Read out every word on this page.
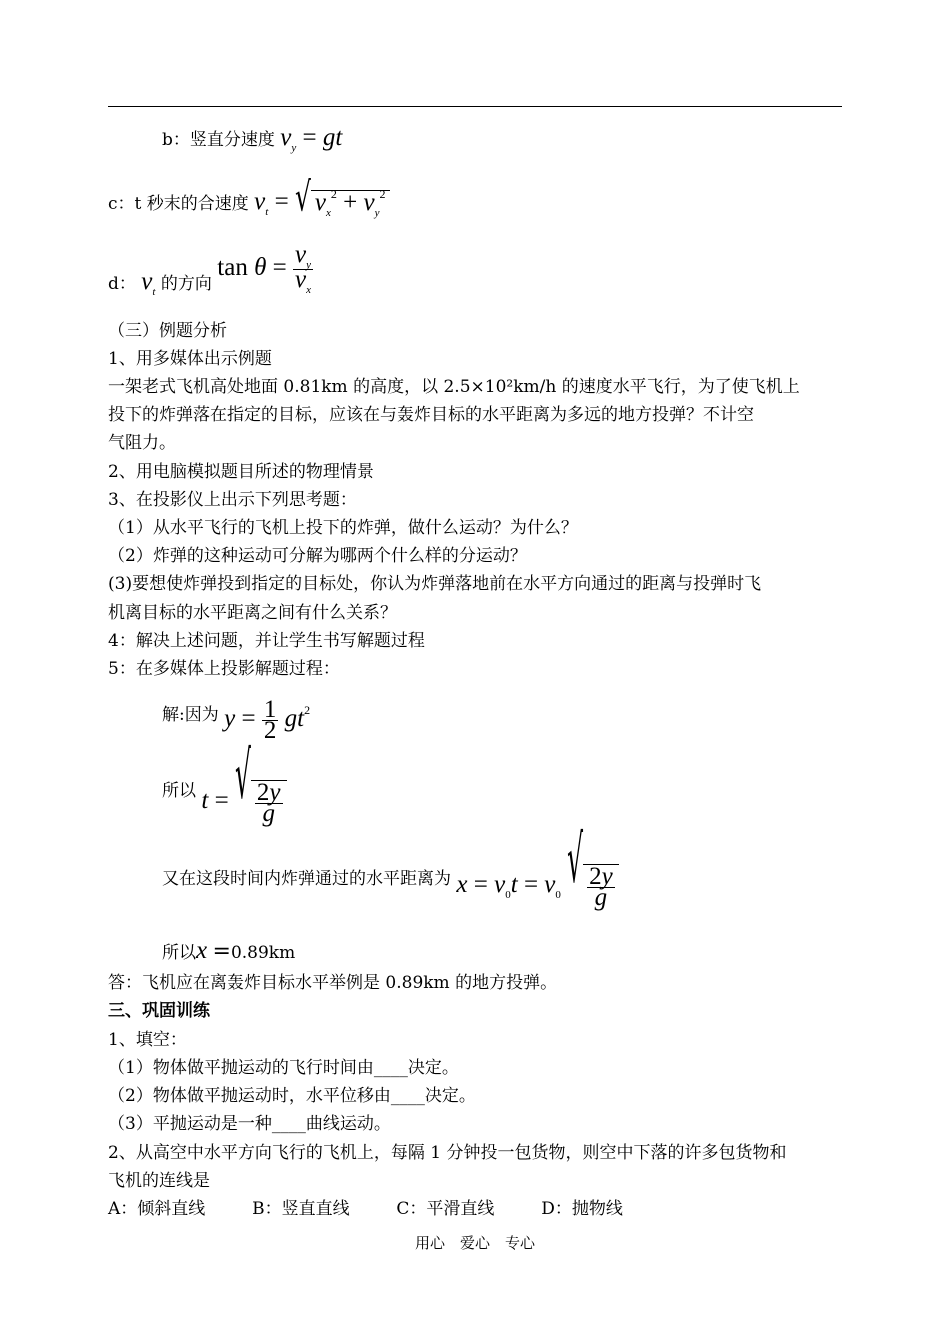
b：竖直分速度 $v_y$ = gt
c：t 秒末的合速度 $v_t$ = √ $v_x^2 + v_y^2$
d： $v_t$ 的方向 $\tan \theta = \frac{v_y}{v_x}$
（三）例题分析
1、用多媒体出示例题
一架老式飞机高处地面 0.81km 的高度，以 2.5×10²km/h 的速度水平飞行，为了使飞机上
投下的炸弹落在指定的目标，应该在与轰炸目标的水平距离为多远的地方投弹？不计空
气阻力。
2、用电脑模拟题目所述的物理情景
3、在投影仪上出示下列思考题：
（1）从水平飞行的飞机上投下的炸弹，做什么运动？为什么？
（2）炸弹的这种运动可分解为哪两个什么样的分运动？
(3)要想使炸弹投到指定的目标处，你认为炸弹落地前在水平方向通过的距离与投弹时飞
机离目标的水平距离之间有什么关系？
4：解决上述问题，并让学生书写解题过程
5：在多媒体上投影解题过程：
解:因为 $y = \frac{1}{2} gt^2$
所以 t = √ $\frac{2y}{g}$
又在这段时间内炸弹通过的水平距离为 $x = v_0t = v_0$ √ $\frac{2y}{g}$
所以x =0.89km
答：飞机应在离轰炸目标水平举例是 0.89km 的地方投弹。
三、巩固训练
1、填空：
（1）物体做平抛运动的飞行时间由____决定。
（2）物体做平抛运动时，水平位移由____决定。
（3）平抛运动是一种____曲线运动。
2、从高空中水平方向飞行的飞机上，每隔 1 分钟投一包货物，则空中下落的许多包货物和
飞机的连线是
A：倾斜直线	B：竖直直线	C：平滑直线	D：抛物线
用心　爱心　专心
